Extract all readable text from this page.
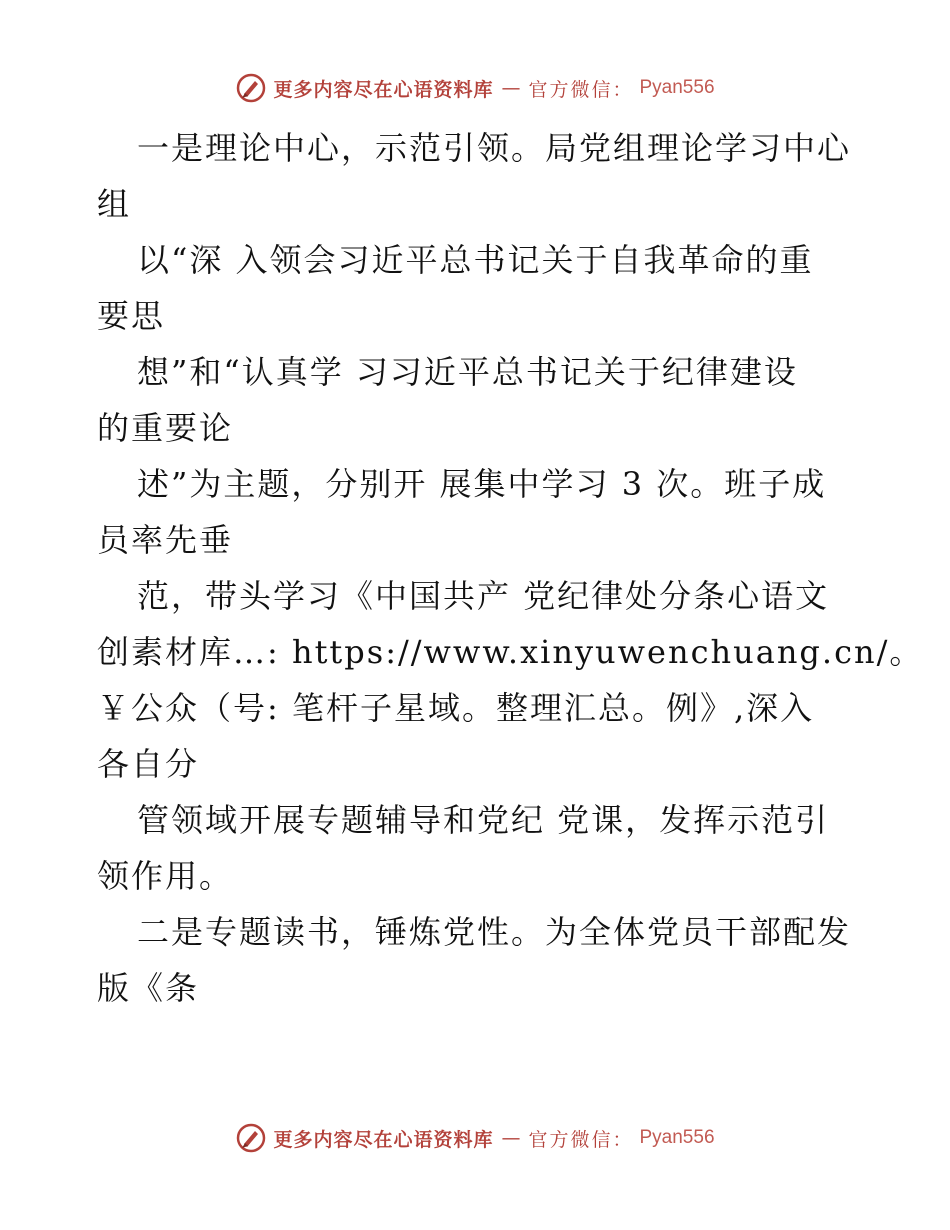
更多内容尽在心语资料库 — 官方微信： Pyan556

一是理论中心，示范引领。局党组理论学习中心
组

以“深 入领会习近平总书记关于自我革命的重
要思

想”和“认真学 习习近平总书记关于纪律建设
的重要论

述”为主题，分别开 展集中学习 3 次。班子成
员率先垂

范，带头学习《中国共产 党纪律处分条心语文
创素材库…: https://www.xinyuwenchuang.cn/。

￥公众（号: 笔杆子星域。整理汇总。例》,深入
各自分

管领域开展专题辅导和党纪 党课，发挥示范引
领作用。

二是专题读书，锤炼党性。为全体党员干部配发
版《条

更多内容尽在心语资料库 — 官方微信： Pyan556
